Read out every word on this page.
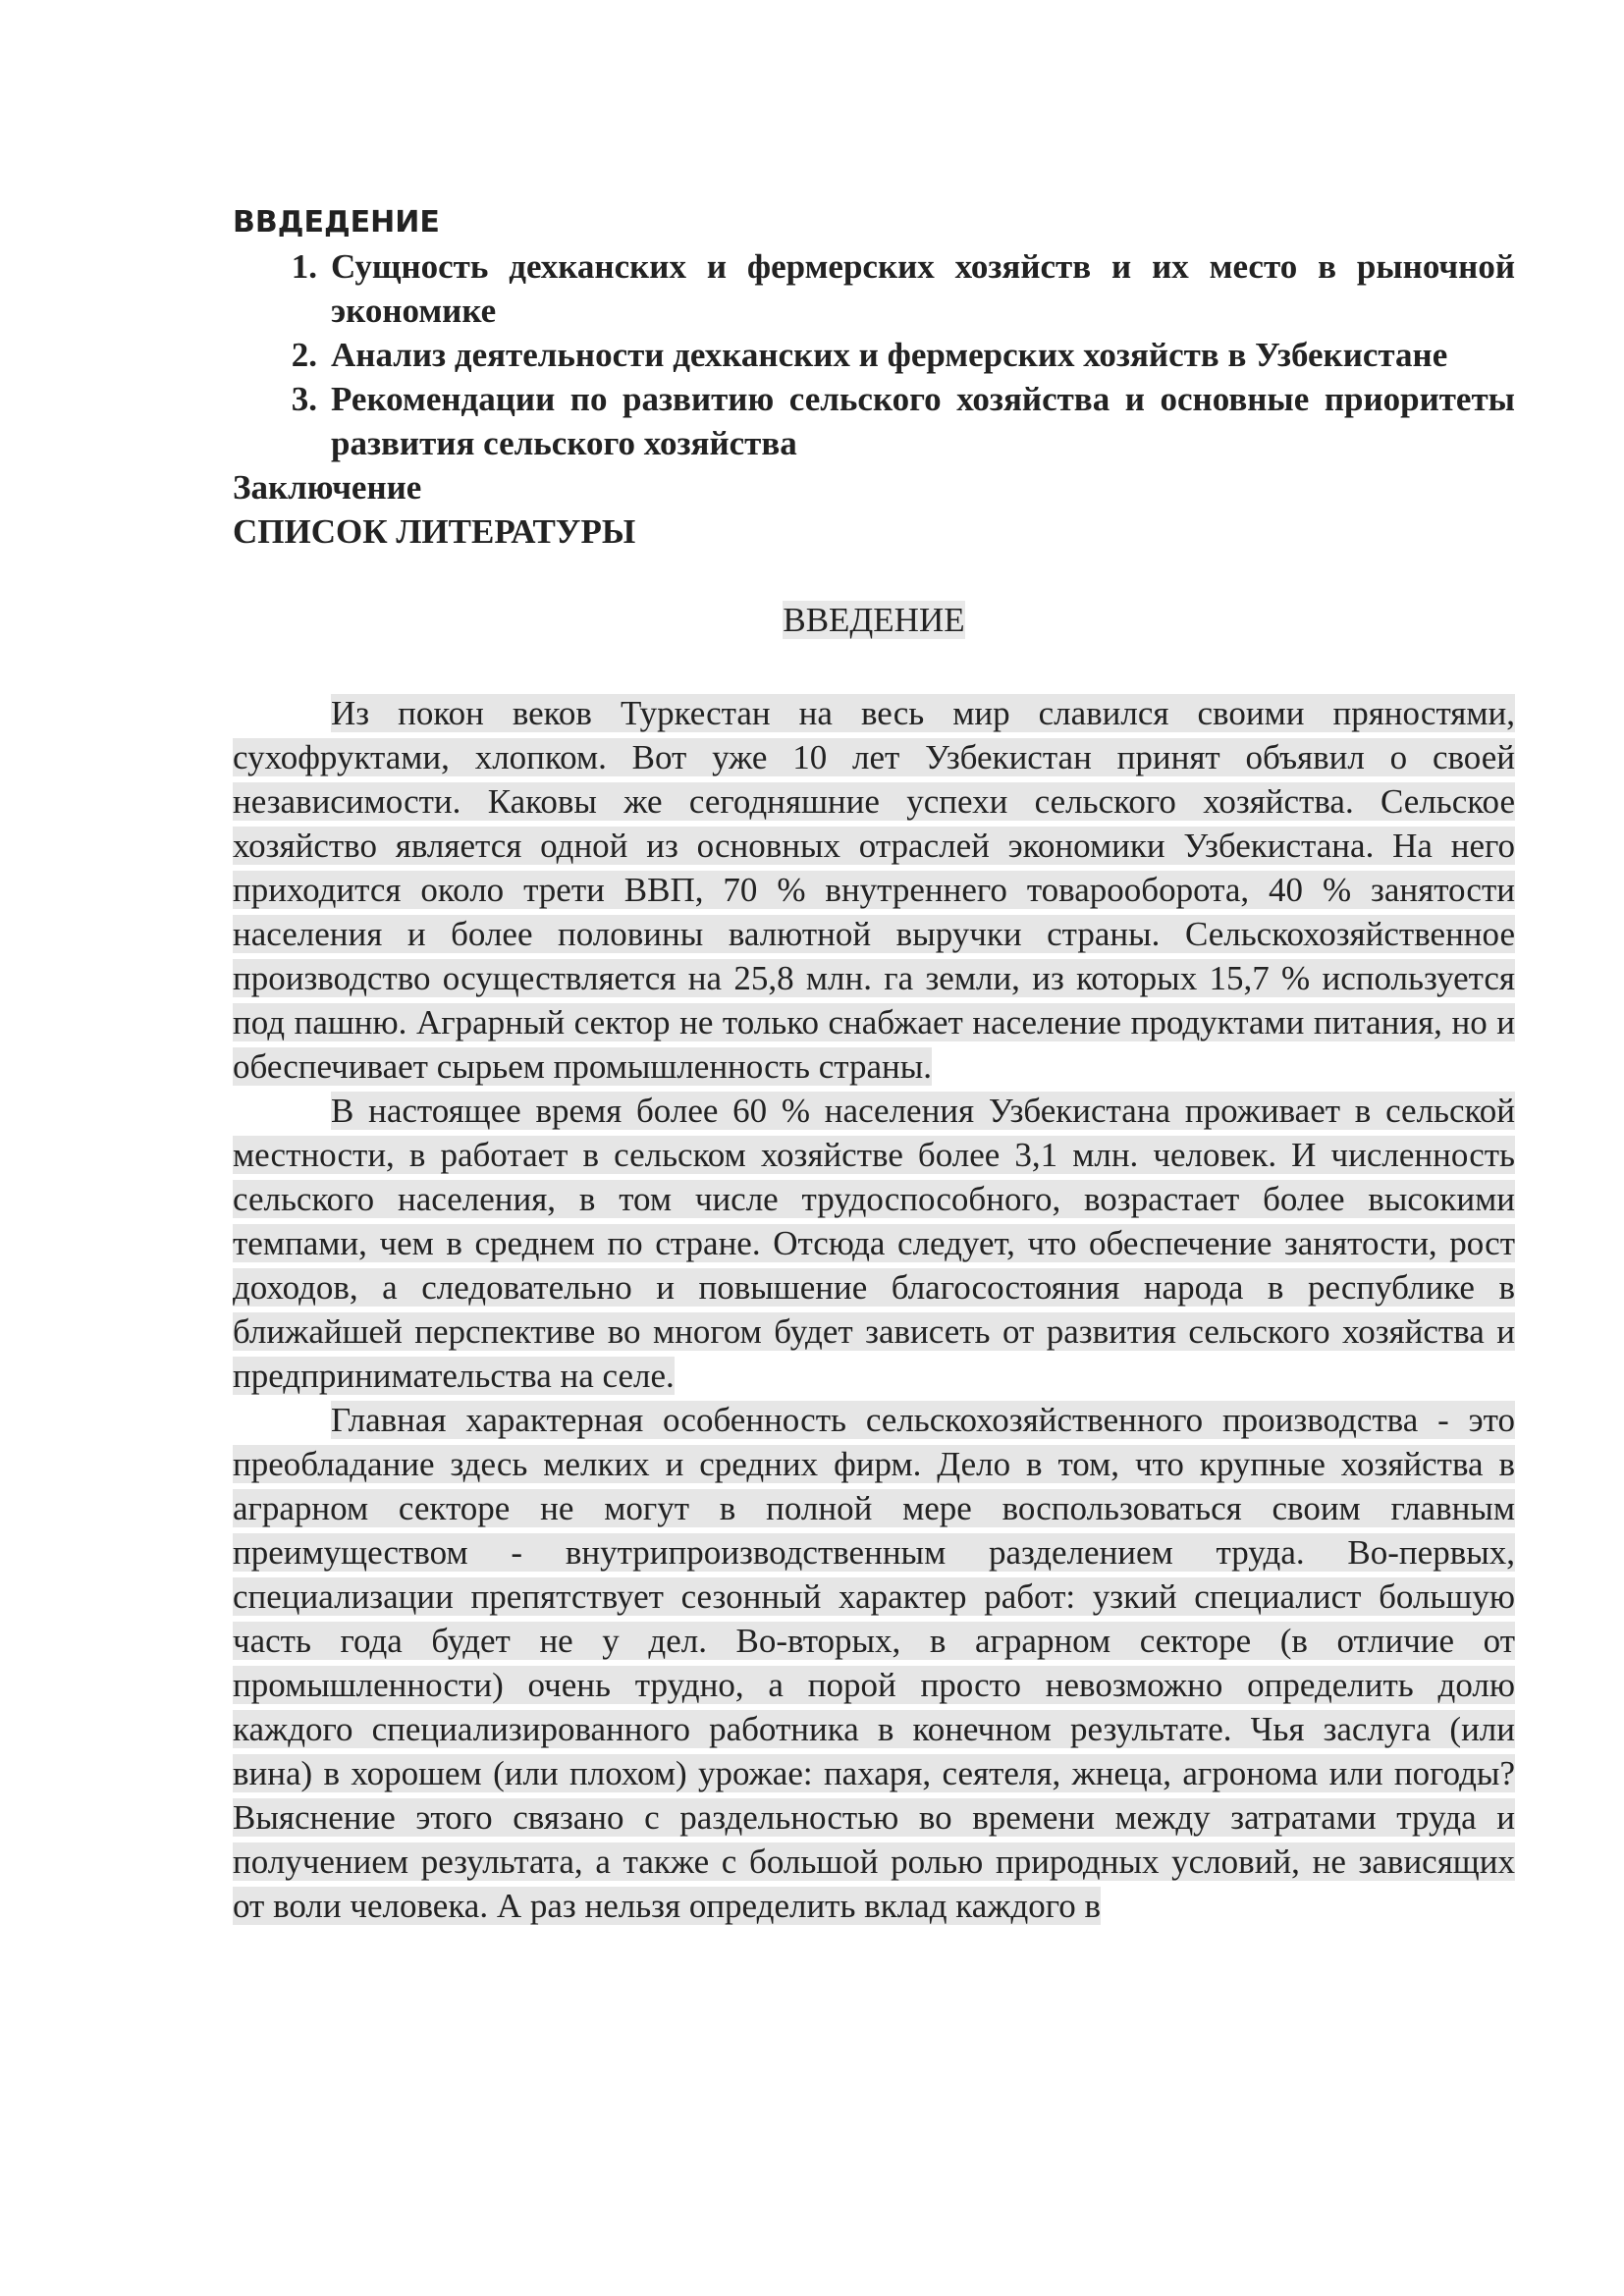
ВВДЕДЕНИЕ

1. Сущность дехканских и фермерских хозяйств и их место в рыночной экономике
2. Анализ деятельности дехканских и фермерских хозяйств в Узбекистане
3. Рекомендации по развитию сельского хозяйства и основные приоритеты развития сельского хозяйства
Заключение
СПИСОК ЛИТЕРАТУРЫ
ВВЕДЕНИЕ

Из покон веков Туркестан на весь мир славился своими пряностями, сухофруктами, хлопком. Вот уже 10 лет Узбекистан принят объявил о своей независимости. Каковы же сегодняшние успехи сельского хозяйства. Сельское хозяйство является одной из основных отраслей экономики Узбекистана. На него приходится около трети ВВП, 70 % внутреннего товарооборота, 40 % занятости населения и более половины валютной выручки страны. Сельскохозяйственное производство осуществляется на 25,8 млн. га земли, из которых 15,7 % используется под пашню. Аграрный сектор не только снабжает население продуктами питания, но и обеспечивает сырьем промышленность страны.

В настоящее время более 60 % населения Узбекистана проживает в сельской местности, в работает в сельском хозяйстве более 3,1 млн. человек. И численность сельского населения, в том числе трудоспособного, возрастает более высокими темпами, чем в среднем по стране. Отсюда следует, что обеспечение занятости, рост доходов, а следовательно и повышение благосостояния народа в республике в ближайшей перспективе во многом будет зависеть от развития сельского хозяйства и предпринимательства на селе.

Главная характерная особенность сельскохозяйственного производства - это преобладание здесь мелких и средних фирм. Дело в том, что крупные хозяйства в аграрном секторе не могут в полной мере воспользоваться своим главным преимуществом - внутрипроизводственным разделением труда. Во-первых, специализации препятствует сезонный характер работ: узкий специалист большую часть года будет не у дел. Во-вторых, в аграрном секторе (в отличие от промышленности) очень трудно, а порой просто невозможно определить долю каждого специализированного работника в конечном результате. Чья заслуга (или вина) в хорошем (или плохом) урожае: пахаря, сеятеля, жнеца, агронома или погоды? Выяснение этого связано с раздельностью во времени между затратами труда и получением результата, а также с большой ролью природных условий, не зависящих от воли человека. А раз нельзя определить вклад каждого в
